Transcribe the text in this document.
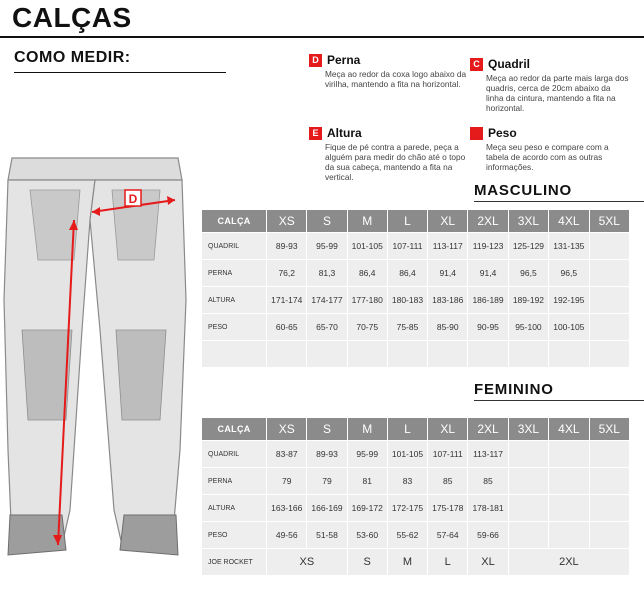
CALÇAS
COMO MEDIR:	D Perna
Meça ao redor da coxa logo abaixo da virilha, mantendo a fita na horizontal.
C Quadril
Meça ao redor da parte mais larga dos quadris, cerca de 20cm abaixo da linha da cintura, mantendo a fita na horizontal.
E Altura
Fique de pé contra a parede, peça a alguém para medir do chão até o topo da sua cabeça, mantendo a fita na vertical.
Peso
Meça seu peso e compare com a tabela de acordo com as outras informações.
D	MASCULINO
CALÇA	XS	S	M	L	XL	2XL	3XL	4XL	5XL
QUADRIL	89-93	95-99	101-105	107-111	113-117	119-123	125-129	131-135	
PERNA	76,2	81,3	86,4	86,4	91,4	91,4	96,5	96,5	
ALTURA	171-174	174-177	177-180	180-183	183-186	186-189	189-192	192-195	
PESO	60-65	65-70	70-75	75-85	85-90	90-95	95-100	100-105	

FEMININO
CALÇA	XS	S	M	L	XL	2XL	3XL	4XL	5XL
QUADRIL	83-87	89-93	95-99	101-105	107-111	113-117			
PERNA	79	79	81	83	85	85			
ALTURA	163-166	166-169	169-172	172-175	175-178	178-181			
PESO	49-56	51-58	53-60	55-62	57-64	59-66			
JOE ROCKET	XS		S	M	L	XL	2XL		
